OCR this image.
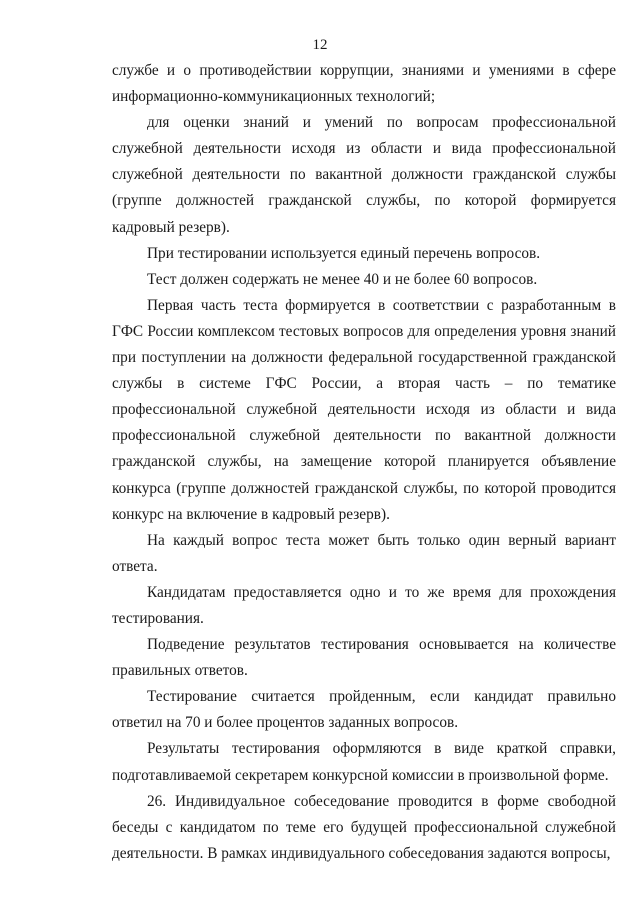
12

службе и о противодействии коррупции, знаниями и умениями в сфере информационно-коммуникационных технологий;

для оценки знаний и умений по вопросам профессиональной служебной деятельности исходя из области и вида профессиональной служебной деятельности по вакантной должности гражданской службы (группе должностей гражданской службы, по которой формируется кадровый резерв).

При тестировании используется единый перечень вопросов.

Тест должен содержать не менее 40 и не более 60 вопросов.

Первая часть теста формируется в соответствии с разработанным в ГФС России комплексом тестовых вопросов для определения уровня знаний при поступлении на должности федеральной государственной гражданской службы в системе ГФС России, а вторая часть – по тематике профессиональной служебной деятельности исходя из области и вида профессиональной служебной деятельности по вакантной должности гражданской службы, на замещение которой планируется объявление конкурса (группе должностей гражданской службы, по которой проводится конкурс на включение в кадровый резерв).

На каждый вопрос теста может быть только один верный вариант ответа.

Кандидатам предоставляется одно и то же время для прохождения тестирования.

Подведение результатов тестирования основывается на количестве правильных ответов.

Тестирование считается пройденным, если кандидат правильно ответил на 70 и более процентов заданных вопросов.

Результаты тестирования оформляются в виде краткой справки, подготавливаемой секретарем конкурсной комиссии в произвольной форме.

26. Индивидуальное собеседование проводится в форме свободной беседы с кандидатом по теме его будущей профессиональной служебной деятельности. В рамках индивидуального собеседования задаются вопросы,
